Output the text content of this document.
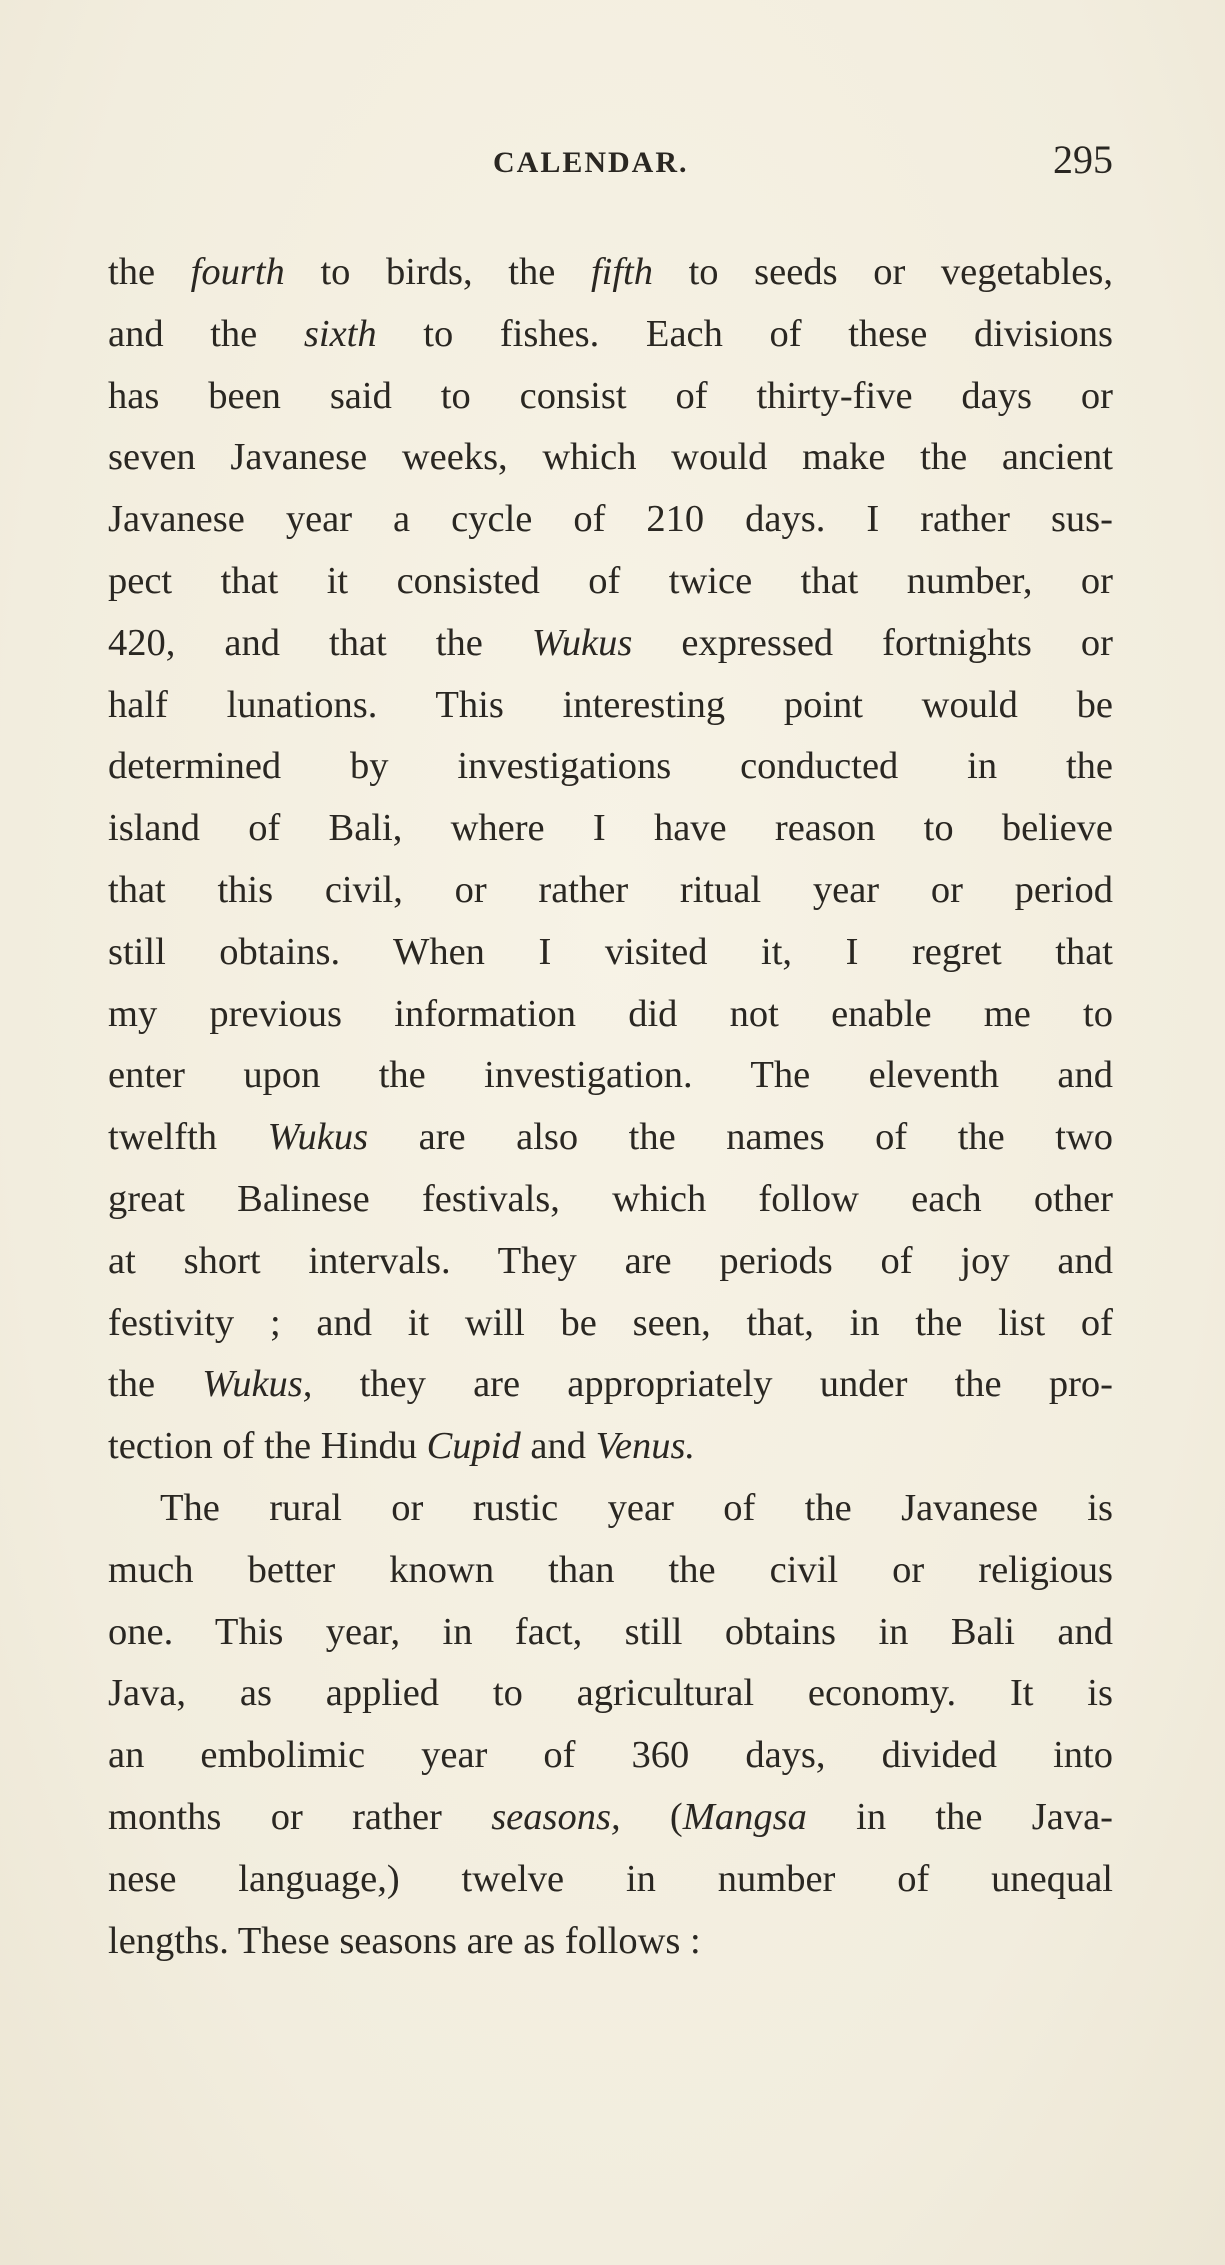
CALENDAR.	295
the fourth to birds, the fifth to seeds or vegetables,
and the sixth to fishes. Each of these divisions
has been said to consist of thirty-five days or
seven Javanese weeks, which would make the ancient
Javanese year a cycle of 210 days. I rather sus-
pect that it consisted of twice that number, or
420, and that the Wukus expressed fortnights or
half lunations. This interesting point would be
determined by investigations conducted in the
island of Bali, where I have reason to believe
that this civil, or rather ritual year or period
still obtains. When I visited it, I regret that
my previous information did not enable me to
enter upon the investigation. The eleventh and
twelfth Wukus are also the names of the two
great Balinese festivals, which follow each other
at short intervals. They are periods of joy and
festivity ; and it will be seen, that, in the list of
the Wukus, they are appropriately under the pro-
tection of the Hindu Cupid and Venus.
The rural or rustic year of the Javanese is
much better known than the civil or religious
one. This year, in fact, still obtains in Bali and
Java, as applied to agricultural economy. It is
an embolimic year of 360 days, divided into
months or rather seasons, (Mangsa in the Java-
nese language,) twelve in number of unequal
lengths. These seasons are as follows :
